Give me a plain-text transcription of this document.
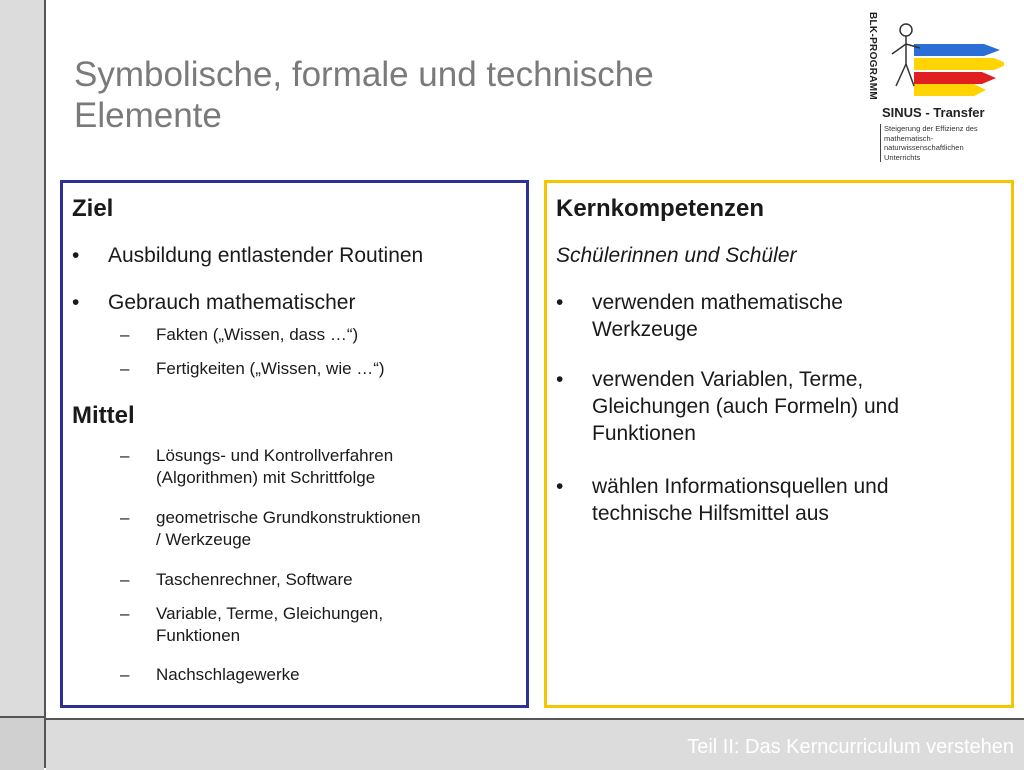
Symbolische, formale und technische
Elemente
BLK-PROGRAMM
SINUS - Transfer
Steigerung der Effizienz des
mathematisch-naturwissenschaftlichen
Unterrichts
Ziel
• Ausbildung entlastender Routinen
• Gebrauch mathematischer
– Fakten („Wissen, dass …“)
– Fertigkeiten („Wissen, wie …“)
Mittel
– Lösungs- und Kontrollverfahren
(Algorithmen) mit Schrittfolge
– geometrische Grundkonstruktionen
/ Werkzeuge
– Taschenrechner, Software
– Variable, Terme, Gleichungen,
Funktionen
– Nachschlagewerke
Kernkompetenzen
Schülerinnen und Schüler
• verwenden mathematische
Werkzeuge
• verwenden Variablen, Terme,
Gleichungen (auch Formeln) und
Funktionen
• wählen Informationsquellen und
technische Hilfsmittel aus
Teil II: Das Kerncurriculum verstehen
